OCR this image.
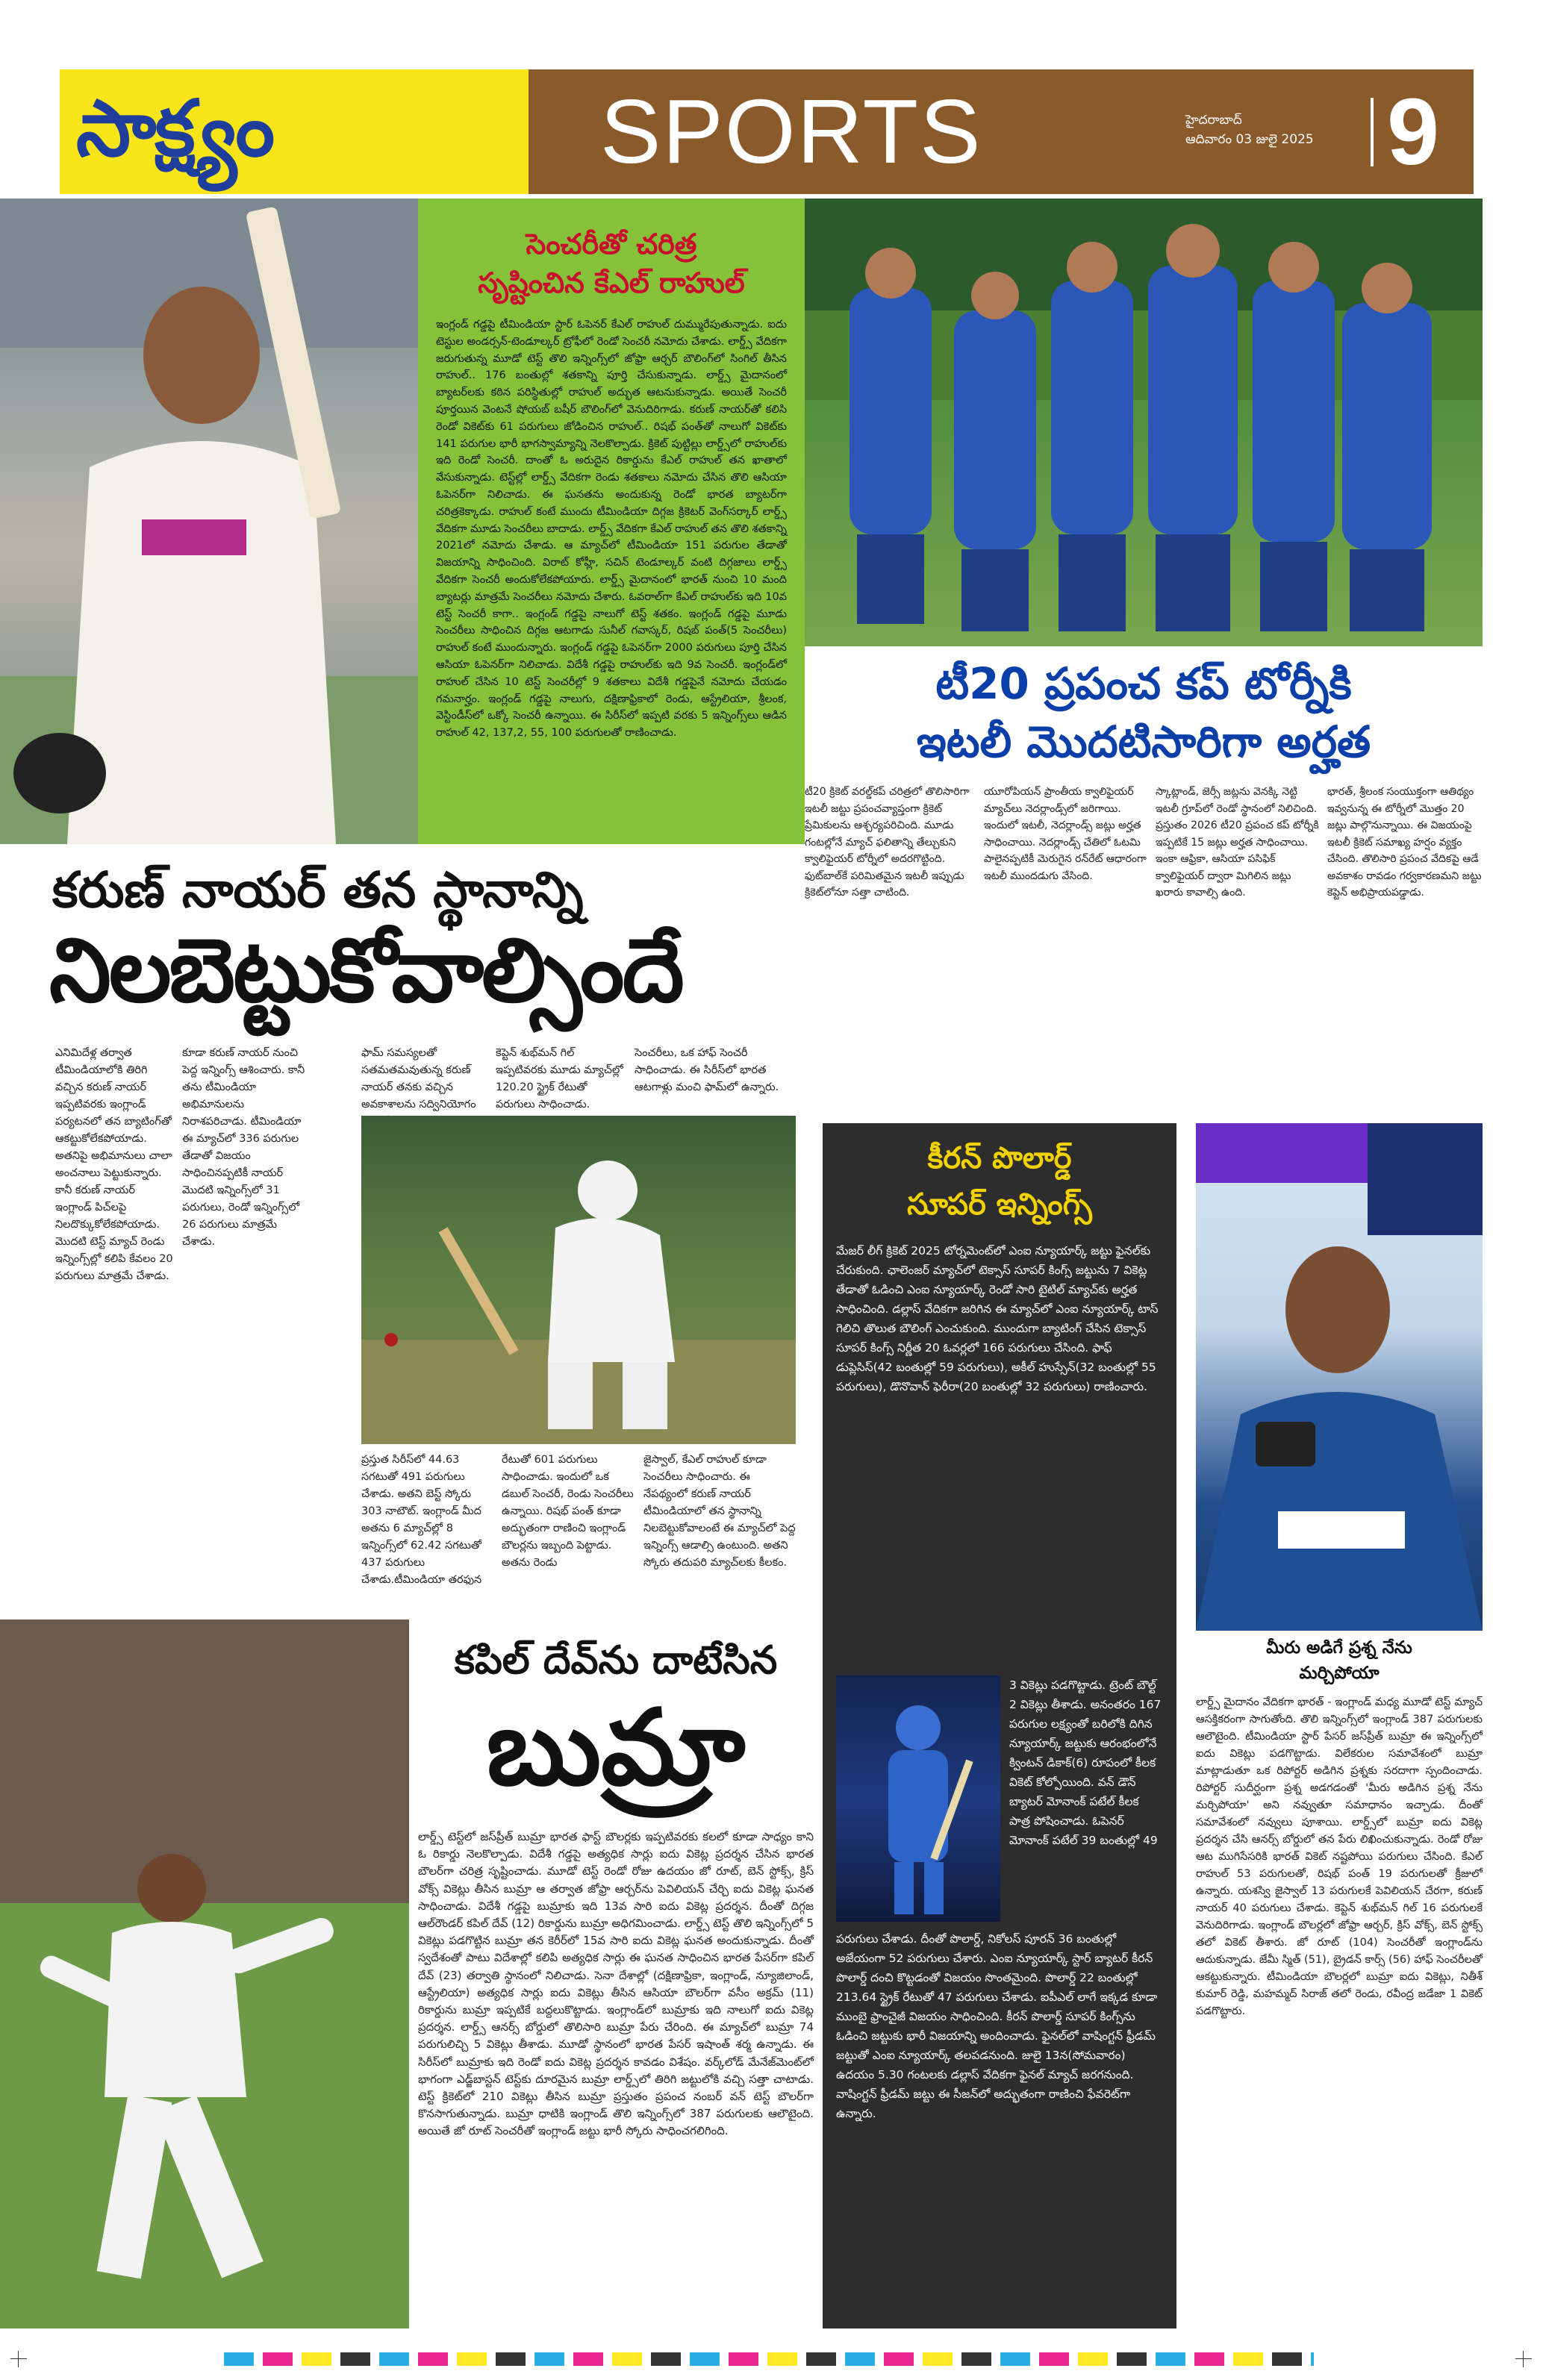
సాక్ష్యం	SPORTS	హైదరాబాద్
ఆదివారం 03 జులై 2025 9
సెంచరీతో చరిత్ర
సృష్టించిన కేఎల్ రాహుల్
ఇంగ్లండ్ గడ్డపై టీమిండియా స్టార్ ఓపెనర్ కేఎల్ రాహుల్ దుమ్మురేపుతున్నాడు. ఐదు టెస్టుల అండర్సన్-టెండూల్కర్ ట్రోఫీలో రెండో సెంచరీ నమోదు చేశాడు. లార్డ్స్ వేదికగా జరుగుతున్న మూడో టెస్ట్ తొలి ఇన్నింగ్స్‌లో జోఫ్రా ఆర్చర్ బౌలింగ్‌లో సింగిల్ తీసిన రాహుల్.. 176 బంతుల్లో శతకాన్ని పూర్తి చేసుకున్నాడు. లార్డ్స్ మైదానంలో బ్యాటర్‌లకు కఠిన పరిస్థితుల్లో రాహుల్ అద్భుత ఆటనుకున్నాడు. అయితే సెంచరీ పూర్తయిన వెంటనే షోయబ్ బషీర్ బౌలింగ్‌లో వెనుదిరిగాడు. కరుణ్ నాయర్‌తో కలిసి రెండో వికెట్‌కు 61 పరుగులు జోడించిన రాహుల్.. రిషభ్ పంత్‌తో నాలుగో వికెట్‌కు 141 పరుగుల భారీ భాగస్వామ్యాన్ని నెలకొల్పాడు. క్రికెట్ పుట్టిల్లు లార్డ్స్‌లో రాహుల్‌కు ఇది రెండో సెంచరీ. దాంతో ఓ అరుదైన రికార్డును కేఎల్ రాహుల్ తన ఖాతాలో వేసుకున్నాడు. టెస్ట్‌ల్లో లార్డ్స్ వేదికగా రెండు శతకాలు నమోదు చేసిన తొలి ఆసియా ఓపెనర్‌గా నిలిచాడు. ఈ ఘనతను అందుకున్న రెండో భారత బ్యాటర్‌గా చరిత్రకెక్కాడు. రాహుల్ కంటే ముందు టీమిండియా దిగ్గజ క్రికెటర్ వెంగ్‌సర్కార్ లార్డ్స్ వేదికగా మూడు సెంచరీలు బాదాడు. లార్డ్స్ వేదికగా కేఎల్ రాహుల్ తన తొలి శతకాన్ని 2021లో నమోదు చేశాడు. ఆ మ్యాచ్‌లో టీమిండియా 151 పరుగుల తేడాతో విజయాన్ని సాధించింది. విరాట్ కోహ్లీ, సచిన్ టెండూల్కర్ వంటి దిగ్గజాలు లార్డ్స్ వేదికగా సెంచరీ అందుకోలేకపోయారు. లార్డ్స్ మైదానంలో భారత్ నుంచి 10 మంది బ్యాటర్లు మాత్రమే సెంచరీలు నమోదు చేశారు. ఓవరాల్‌గా కేఎల్ రాహుల్‌కు ఇది 10వ టెస్ట్ సెంచరీ కాగా.. ఇంగ్లండ్ గడ్డపై నాలుగో టెస్ట్ శతకం. ఇంగ్లండ్ గడ్డపై మూడు సెంచరీలు సాధించిన దిగ్గజ ఆటగాడు సునీల్ గవాస్కర్, రిషబ్ పంత్(5 సెంచరీలు) రాహుల్ కంటే ముందున్నారు. ఇంగ్లండ్ గడ్డపై ఓపెనర్‌గా 2000 పరుగులు పూర్తి చేసిన ఆసియా ఓపెనర్‌గా నిలిచాడు. విదేశీ గడ్డపై రాహుల్‌కు ఇది 9వ సెంచరీ. ఇంగ్లండ్‌లో రాహుల్ చేసిన 10 టెస్ట్ సెంచరీల్లో 9 శతకాలు విదేశీ గడ్డపైనే నమోదు చేయడం గమనార్హం. ఇంగ్లండ్ గడ్డపై నాలుగు, దక్షిణాఫ్రికాలో రెండు, ఆస్ట్రేలియా, శ్రీలంక, వెస్టిండీస్‌లో ఒక్కో సెంచరీ ఉన్నాయి. ఈ సిరీస్‌లో ఇప్పటి వరకు 5 ఇన్నింగ్స్‌లు ఆడిన రాహుల్ 42, 137,2, 55, 100 పరుగులతో రాణించాడు.
టీ20 ప్రపంచ కప్ టోర్నీకి
ఇటలీ మొదటిసారిగా అర్హత
టీ20 క్రికెట్ వరల్డ్‌కప్ చరిత్రలో తొలిసారిగా ఇటలీ జట్టు ప్రపంచవ్యాప్తంగా క్రికెట్ ప్రేమికులను ఆశ్చర్యపరిచింది. మూడు గంటల్లోనే మ్యాచ్ ఫలితాన్ని తేల్చుకుని క్వాలిఫైయర్ టోర్నీలో అదరగొట్టింది. ఫుట్‌బాల్‌కే పరిమితమైన ఇటలీ ఇప్పుడు క్రికెట్‌లోనూ సత్తా చాటింది.
యూరోపియన్ ప్రాంతీయ క్వాలిఫైయర్ మ్యాచ్‌లు నెదర్లాండ్స్‌లో జరిగాయి. ఇందులో ఇటలీ, నెదర్లాండ్స్ జట్లు అర్హత సాధించాయి. నెదర్లాండ్స్ చేతిలో ఓటమి పాలైనప్పటికీ మెరుగైన రన్‌రేట్ ఆధారంగా ఇటలీ ముందడుగు వేసింది.
స్కాట్లాండ్, జెర్సీ జట్లను వెనక్కి నెట్టి ఇటలీ గ్రూప్‌లో రెండో స్థానంలో నిలిచింది. ప్రస్తుతం 2026 టీ20 ప్రపంచ కప్ టోర్నీకి ఇప్పటికే 15 జట్లు అర్హత సాధించాయి. ఇంకా ఆఫ్రికా, ఆసియా పసిఫిక్ క్వాలిఫైయర్ ద్వారా మిగిలిన జట్లు ఖరారు కావాల్సి ఉంది.
భారత్, శ్రీలంక సంయుక్తంగా ఆతిథ్యం ఇవ్వనున్న ఈ టోర్నీలో మొత్తం 20 జట్లు పాల్గొనున్నాయి. ఈ విజయంపై ఇటలీ క్రికెట్ సమాఖ్య హర్షం వ్యక్తం చేసింది. తొలిసారి ప్రపంచ వేదికపై ఆడే అవకాశం రావడం గర్వకారణమని జట్టు కెప్టెన్ అభిప్రాయపడ్డాడు.
కరుణ్ నాయర్ తన స్థానాన్ని
నిలబెట్టుకోవాల్సిందే
ఎనిమిదేళ్ల తర్వాత టీమిండియాలోకి తిరిగి వచ్చిన కరుణ్ నాయర్ ఇప్పటివరకు ఇంగ్లాండ్ పర్యటనలో తన బ్యాటింగ్‌తో ఆకట్టుకోలేకపోయాడు. అతనిపై అభిమానులు చాలా అంచనాలు పెట్టుకున్నారు. కానీ కరుణ్ నాయర్ ఇంగ్లాండ్ పిచ్‌లపై నిలదొక్కుకోలేకపోయాడు. మొదటి టెస్ట్ మ్యాచ్ రెండు ఇన్నింగ్స్‌ల్లో కలిపి కేవలం 20 పరుగులు మాత్రమే చేశాడు.
కూడా కరుణ్ నాయర్ నుంచి పెద్ద ఇన్నింగ్స్ ఆశించారు. కానీ తను టీమిండియా అభిమానులను నిరాశపరిచాడు. టీమిండియా ఈ మ్యాచ్‌లో 336 పరుగుల తేడాతో విజయం సాధించినప్పటికీ నాయర్ మొదటి ఇన్నింగ్స్‌లో 31 పరుగులు, రెండో ఇన్నింగ్స్‌లో 26 పరుగులు మాత్రమే చేశాడు.
ఫామ్ సమస్యలతో సతమతమవుతున్న కరుణ్ నాయర్ తనకు వచ్చిన అవకాశాలను సద్వినియోగం
కెప్టెన్ శుభ్‌మన్ గిల్ ఇప్పటివరకు మూడు మ్యాచ్‌ల్లో 120.20 స్ట్రైక్ రేటుతో పరుగులు సాధించాడు.
సెంచరీలు, ఒక హాఫ్ సెంచరీ సాధించాడు. ఈ సిరీస్‌లో భారత ఆటగాళ్లు మంచి ఫామ్‌లో ఉన్నారు.
ప్రస్తుత సిరీస్‌లో 44.63 సగటుతో 491 పరుగులు చేశాడు. అతని బెస్ట్ స్కోరు 303 నాటౌట్. ఇంగ్లాండ్ మీద అతను 6 మ్యాచ్‌ల్లో 8 ఇన్నింగ్స్‌లో 62.42 సగటుతో 437 పరుగులు చేశాడు.టీమిండియా తరఫున
రేటుతో 601 పరుగులు సాధించాడు. ఇందులో ఒక డబుల్ సెంచరీ, రెండు సెంచరీలు ఉన్నాయి. రిషభ్ పంత్ కూడా అద్భుతంగా రాణించి ఇంగ్లాండ్ బౌలర్లను ఇబ్బంది పెట్టాడు. అతను రెండు
జైస్వాల్, కేఎల్ రాహుల్ కూడా సెంచరీలు సాధించారు. ఈ నేపథ్యంలో కరుణ్ నాయర్ టీమిండియాలో తన స్థానాన్ని నిలబెట్టుకోవాలంటే ఈ మ్యాచ్‌లో పెద్ద ఇన్నింగ్స్ ఆడాల్సి ఉంటుంది. అతని స్కోరు తదుపరి మ్యాచ్‌లకు కీలకం.
కీరన్ పొలార్డ్
సూపర్ ఇన్నింగ్స్
మేజర్ లీగ్ క్రికెట్ 2025 టోర్నమెంట్‌లో ఎంఐ న్యూయార్క్ జట్టు ఫైనల్‌కు చేరుకుంది. ఛాలెంజర్ మ్యాచ్‌లో టెక్సాస్ సూపర్ కింగ్స్ జట్టును 7 వికెట్ల తేడాతో ఓడించి ఎంఐ న్యూయార్క్ రెండో సారి టైటిల్ మ్యాచ్‌కు అర్హత సాధించింది. డల్లాస్ వేదికగా జరిగిన ఈ మ్యాచ్‌లో ఎంఐ న్యూయార్క్ టాస్ గెలిచి తొలుత బౌలింగ్ ఎంచుకుంది. ముందుగా బ్యాటింగ్ చేసిన టెక్సాస్ సూపర్ కింగ్స్ నిర్ణీత 20 ఓవర్లలో 166 పరుగులు చేసింది. ఫాఫ్ డుప్లెసిస్(42 బంతుల్లో 59 పరుగులు), అకీల్ హుస్సేన్(32 బంతుల్లో 55 పరుగులు), డొనొవాన్ ఫెరీరా(20 బంతుల్లో 32 పరుగులు) రాణించారు.
3 వికెట్లు పడగొట్టాడు. ట్రెంట్ బౌల్ట్ 2 వికెట్లు తీశాడు. అనంతరం 167 పరుగుల లక్ష్యంతో బరిలోకి దిగిన న్యూయార్క్ జట్టుకు ఆరంభంలోనే క్వింటన్ డికాక్(6) రూపంలో కీలక వికెట్ కోల్పోయింది. వన్ డౌన్ బ్యాటర్ మోనాంక్ పటేల్ కీలక పాత్ర పోషించాడు. ఓపెనర్ మోనాంక్ పటేల్ 39 బంతుల్లో 49
పరుగులు చేశాడు. దీంతో పొలార్డ్, నికోలస్ పూరన్ 36 బంతుల్లో అజేయంగా 52 పరుగులు చేశారు. ఎంఐ న్యూయార్క్ స్టార్ బ్యాటర్ కీరన్ పొలార్డ్ దంచి కొట్టడంతో విజయం సొంతమైంది. పొలార్డ్ 22 బంతుల్లో 213.64 స్ట్రైక్ రేటుతో 47 పరుగులు చేశాడు. ఐపీఎల్ లాగే ఇక్కడ కూడా ముంబై ఫ్రాంచైజీ విజయం సాధించింది. కీరన్ పొలార్డ్ సూపర్ కింగ్స్‌ను ఓడించి జట్టుకు భారీ విజయాన్ని అందించాడు. ఫైనల్‌లో వాషింగ్టన్ ఫ్రీడమ్ జట్టుతో ఎంఐ న్యూయార్క్ తలపడనుంది. జులై 13న(సోమవారం) ఉదయం 5.30 గంటలకు డల్లాస్ వేదికగా ఫైనల్ మ్యాచ్ జరగనుంది. వాషింగ్టన్ ఫ్రీడమ్ జట్టు ఈ సీజన్‌లో అద్భుతంగా రాణించి ఫేవరెట్‌గా ఉన్నారు.
మీరు అడిగే ప్రశ్న నేను
మర్చిపోయా
లార్డ్స్ మైదానం వేదికగా భారత్ - ఇంగ్లాండ్ మధ్య మూడో టెస్ట్ మ్యాచ్ ఆసక్తికరంగా సాగుతోంది. తొలి ఇన్నింగ్స్‌లో ఇంగ్లాండ్ 387 పరుగులకు ఆలౌటైంది. టీమిండియా స్టార్ పేసర్ జస్‌ప్రీత్ బుమ్రా ఈ ఇన్నింగ్స్‌లో ఐదు వికెట్లు పడగొట్టాడు. విలేకరుల సమావేశంలో బుమ్రా మాట్లాడుతూ ఒక రిపోర్టర్ అడిగిన ప్రశ్నకు సరదాగా స్పందించాడు. రిపోర్టర్ సుదీర్ఘంగా ప్రశ్న అడగడంతో 'మీరు అడిగిన ప్రశ్న నేను మర్చిపోయా' అని నవ్వుతూ సమాధానం ఇచ్చాడు. దీంతో సమావేశంలో నవ్వులు పూశాయి. లార్డ్స్‌లో బుమ్రా ఐదు వికెట్ల ప్రదర్శన చేసి ఆనర్స్ బోర్డులో తన పేరు లిఖించుకున్నాడు. రెండో రోజు ఆట ముగిసేసరికి భారత్ వికెట్ నష్టపోయి పరుగులు చేసింది. కేఎల్ రాహుల్ 53 పరుగులతో, రిషభ్ పంత్ 19 పరుగులతో క్రీజులో ఉన్నారు. యశస్వి జైస్వాల్ 13 పరుగులకే పెవిలియన్ చేరగా, కరుణ్ నాయర్ 40 పరుగులు చేశాడు. కెప్టెన్ శుభ్‌మన్ గిల్ 16 పరుగులకే వెనుదిరిగాడు. ఇంగ్లాండ్ బౌలర్లలో జోఫ్రా ఆర్చర్, క్రిస్ వోక్స్, బెన్ స్టోక్స్ తలో వికెట్ తీశారు. జో రూట్ (104) సెంచరీతో ఇంగ్లాండ్‌ను ఆదుకున్నాడు. జేమీ స్మిత్ (51), బ్రైడన్ కార్స్ (56) హాఫ్ సెంచరీలతో ఆకట్టుకున్నారు. టీమిండియా బౌలర్లలో బుమ్రా ఐదు వికెట్లు, నితీశ్ కుమార్ రెడ్డి, మహమ్మద్ సిరాజ్ తలో రెండు, రవీంద్ర జడేజా 1 వికెట్ పడగొట్టారు.
కపిల్ దేవ్‌ను దాటేసిన
బుమ్రా
లార్డ్స్ టెస్ట్‌లో జస్‌ప్రీత్ బుమ్రా భారత ఫాస్ట్ బౌలర్లకు ఇప్పటివరకు కలలో కూడా సాధ్యం కాని ఓ రికార్డు నెలకొల్పాడు. విదేశీ గడ్డపై అత్యధిక సార్లు ఐదు వికెట్ల ప్రదర్శన చేసిన భారత బౌలర్‌గా చరిత్ర సృష్టించాడు. మూడో టెస్ట్ రెండో రోజు ఉదయం జో రూట్, బెన్ స్టోక్స్, క్రిస్ వోక్స్ వికెట్లు తీసిన బుమ్రా ఆ తర్వాత జోఫ్రా ఆర్చర్‌ను పెవిలియన్ చేర్చి ఐదు వికెట్ల ఘనత సాధించాడు. విదేశీ గడ్డపై బుమ్రాకు ఇది 13వ సారి ఐదు వికెట్ల ప్రదర్శన. దీంతో దిగ్గజ ఆల్‌రౌండర్ కపిల్ దేవ్ (12) రికార్డును బుమ్రా అధిగమించాడు. లార్డ్స్ టెస్ట్ తొలి ఇన్నింగ్స్‌లో 5 వికెట్లు పడగొట్టిన బుమ్రా తన కెరీర్‌లో 15వ సారి ఐదు వికెట్ల ఘనత అందుకున్నాడు. దీంతో స్వదేశంతో పాటు విదేశాల్లో కలిపి అత్యధిక సార్లు ఈ ఘనత సాధించిన భారత పేసర్‌గా కపిల్ దేవ్ (23) తర్వాతి స్థానంలో నిలిచాడు. సెనా దేశాల్లో (దక్షిణాఫ్రికా, ఇంగ్లాండ్, న్యూజిలాండ్, ఆస్ట్రేలియా) అత్యధిక సార్లు ఐదు వికెట్లు తీసిన ఆసియా బౌలర్‌గా వసీం అక్రమ్ (11) రికార్డును బుమ్రా ఇప్పటికే బద్దలుకొట్టాడు. ఇంగ్లాండ్‌లో బుమ్రాకు ఇది నాలుగో ఐదు వికెట్ల ప్రదర్శన. లార్డ్స్ ఆనర్స్ బోర్డులో తొలిసారి బుమ్రా పేరు చేరింది. ఈ మ్యాచ్‌లో బుమ్రా 74 పరుగులిచ్చి 5 వికెట్లు తీశాడు. మూడో స్థానంలో భారత పేసర్ ఇషాంత్ శర్మ ఉన్నాడు. ఈ సిరీస్‌లో బుమ్రాకు ఇది రెండో ఐదు వికెట్ల ప్రదర్శన కావడం విశేషం. వర్క్‌లోడ్ మేనేజ్‌మెంట్‌లో భాగంగా ఎడ్జ్‌బాస్టన్ టెస్ట్‌కు దూరమైన బుమ్రా లార్డ్స్‌లో తిరిగి జట్టులోకి వచ్చి సత్తా చాటాడు. టెస్ట్ క్రికెట్‌లో 210 వికెట్లు తీసిన బుమ్రా ప్రస్తుతం ప్రపంచ నంబర్ వన్ టెస్ట్ బౌలర్‌గా కొనసాగుతున్నాడు. బుమ్రా ధాటికి ఇంగ్లాండ్ తొలి ఇన్నింగ్స్‌లో 387 పరుగులకు ఆలౌటైంది. అయితే జో రూట్ సెంచరీతో ఇంగ్లాండ్ జట్టు భారీ స్కోరు సాధించగలిగింది.
